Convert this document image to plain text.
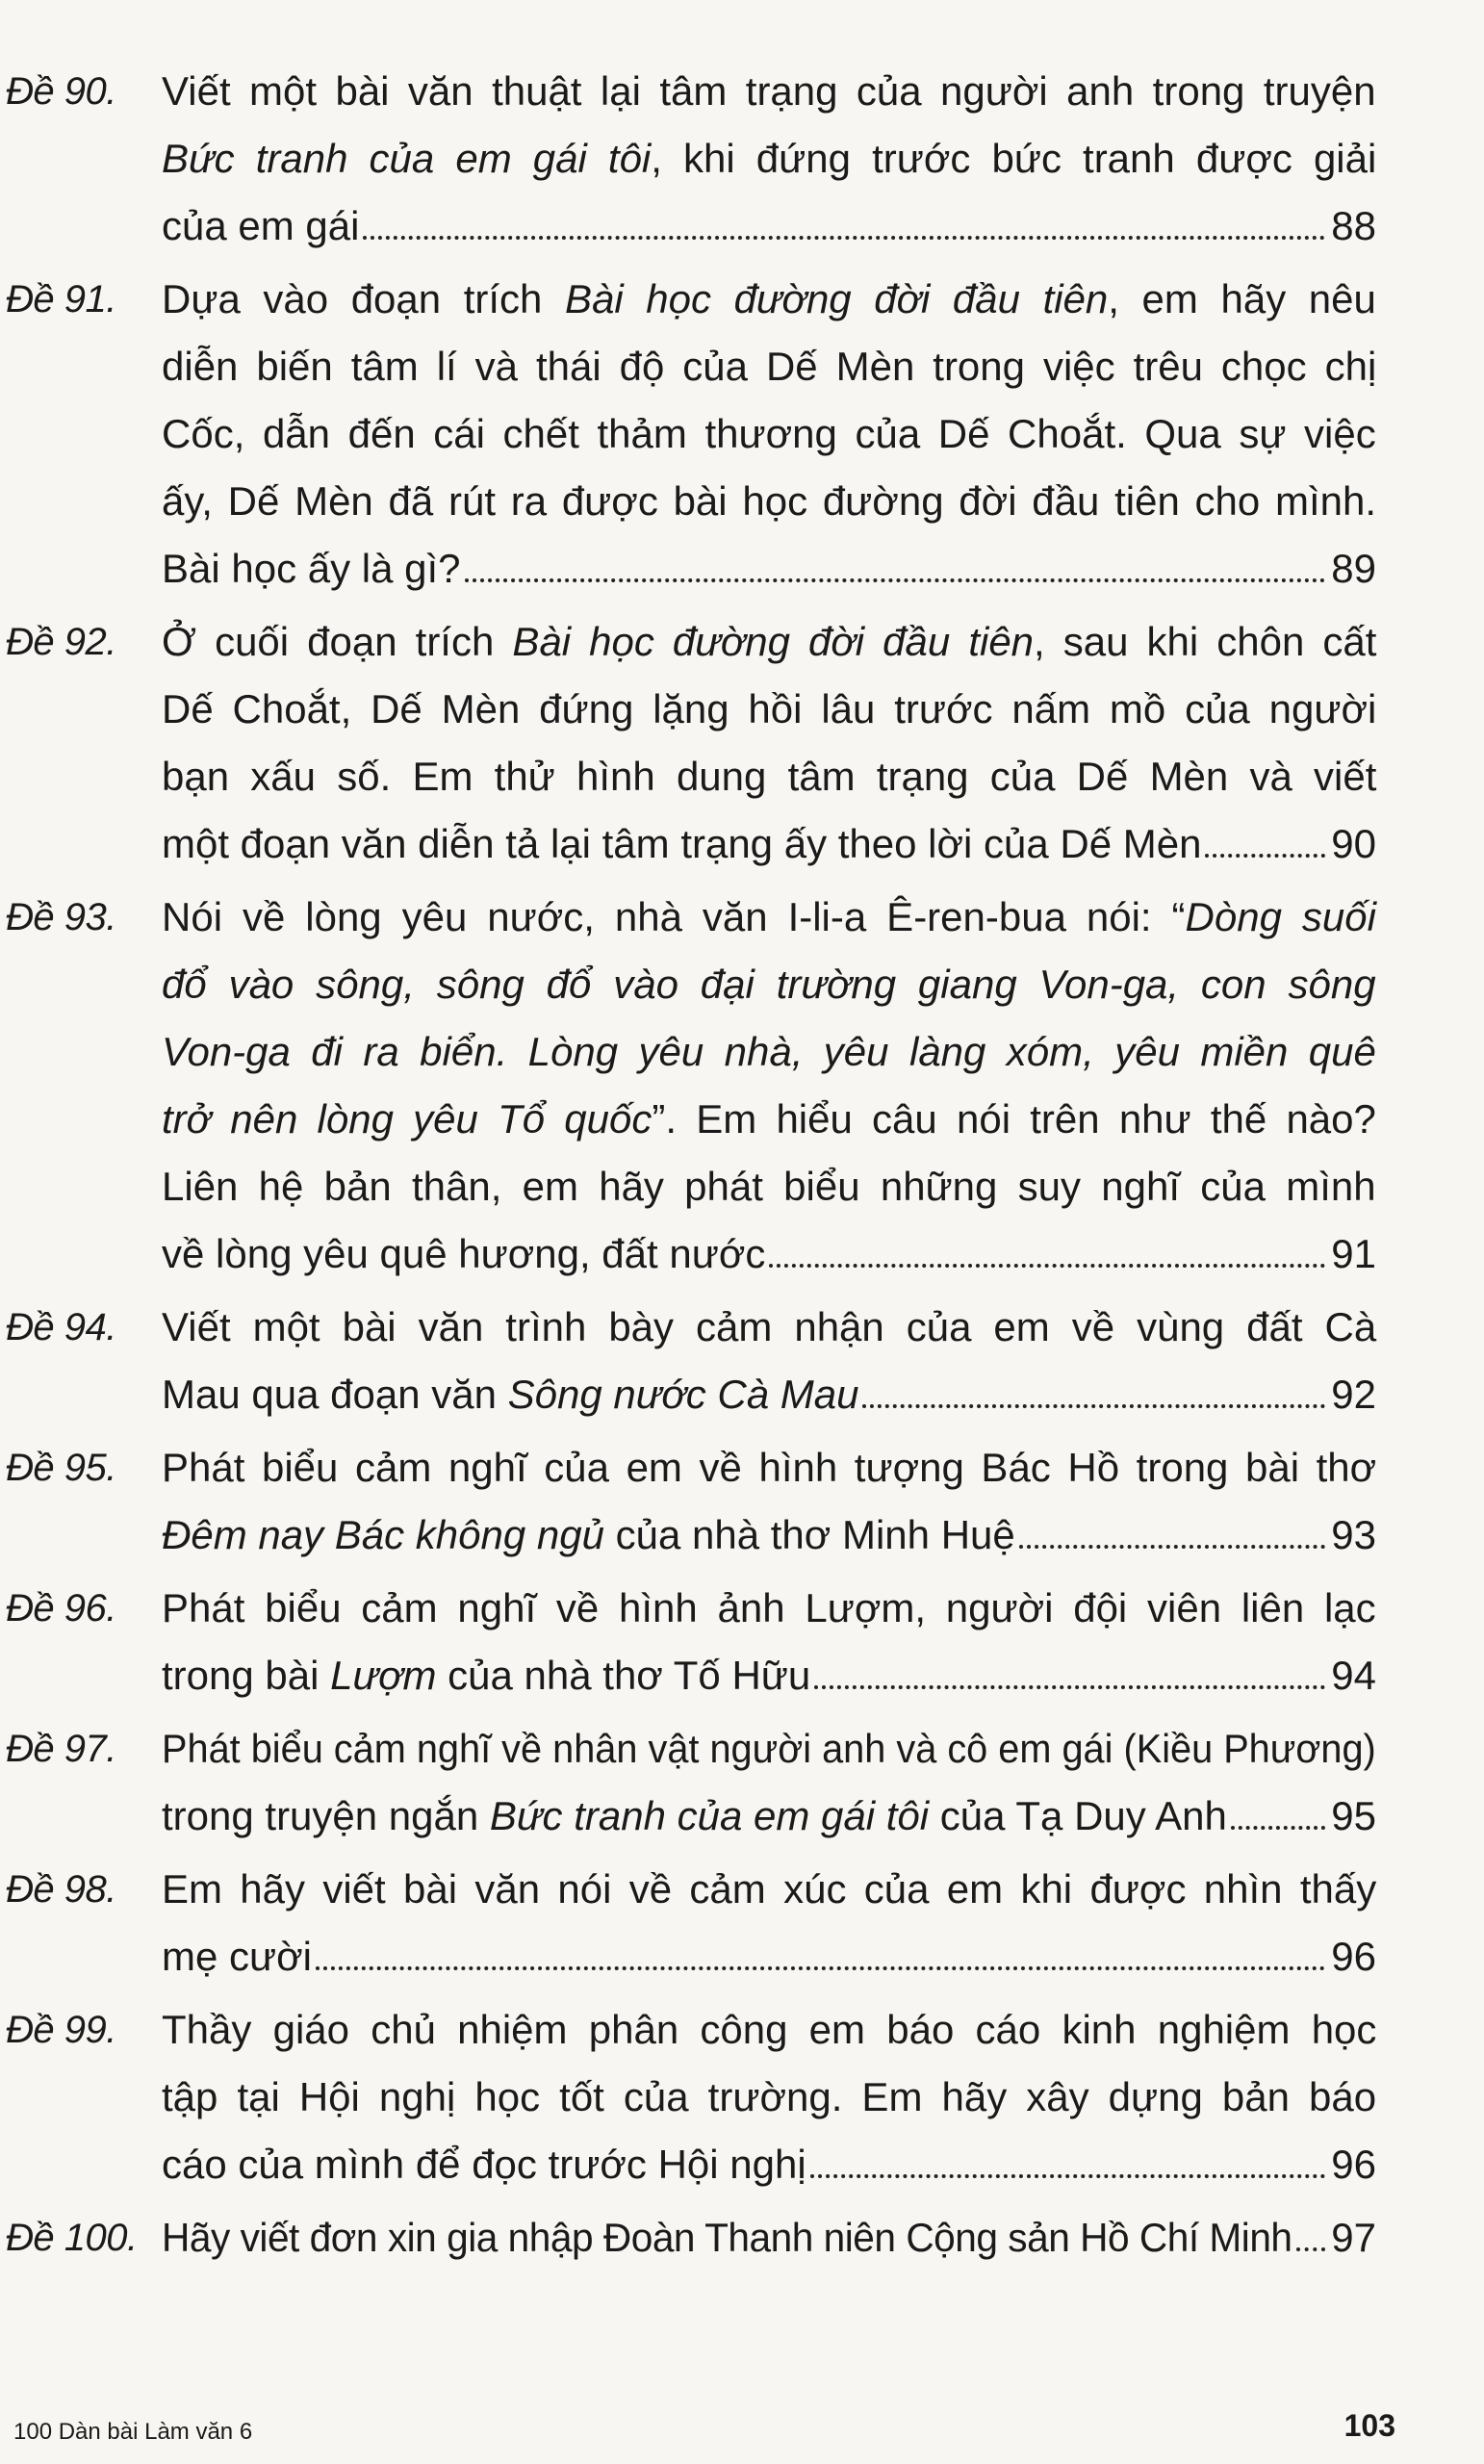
Đề 90. Viết một bài văn thuật lại tâm trạng của người anh trong truyện
Bức tranh của em gái tôi, khi đứng trước bức tranh được giải
của em gái	88
Đề 91. Dựa vào đoạn trích Bài học đường đời đầu tiên, em hãy nêu
diễn biến tâm lí và thái độ của Dế Mèn trong việc trêu chọc chị
Cốc, dẫn đến cái chết thảm thương của Dế Choắt. Qua sự việc
ấy, Dế Mèn đã rút ra được bài học đường đời đầu tiên cho mình.
Bài học ấy là gì?	89
Đề 92. Ở cuối đoạn trích Bài học đường đời đầu tiên, sau khi chôn cất
Dế Choắt, Dế Mèn đứng lặng hồi lâu trước nấm mồ của người
bạn xấu số. Em thử hình dung tâm trạng của Dế Mèn và viết
một đoạn văn diễn tả lại tâm trạng ấy theo lời của Dế Mèn	90
Đề 93. Nói về lòng yêu nước, nhà văn I-li-a Ê-ren-bua nói: “Dòng suối
đổ vào sông, sông đổ vào đại trường giang Von-ga, con sông
Von-ga đi ra biển. Lòng yêu nhà, yêu làng xóm, yêu miền quê
trở nên lòng yêu Tổ quốc”. Em hiểu câu nói trên như thế nào?
Liên hệ bản thân, em hãy phát biểu những suy nghĩ của mình
về lòng yêu quê hương, đất nước	91
Đề 94. Viết một bài văn trình bày cảm nhận của em về vùng đất Cà
Mau qua đoạn văn Sông nước Cà Mau	92
Đề 95. Phát biểu cảm nghĩ của em về hình tượng Bác Hồ trong bài thơ
Đêm nay Bác không ngủ của nhà thơ Minh Huệ	93
Đề 96. Phát biểu cảm nghĩ về hình ảnh Lượm, người đội viên liên lạc
trong bài Lượm của nhà thơ Tố Hữu	94
Đề 97. Phát biểu cảm nghĩ về nhân vật người anh và cô em gái (Kiều Phương)
trong truyện ngắn Bức tranh của em gái tôi của Tạ Duy Anh	95
Đề 98. Em hãy viết bài văn nói về cảm xúc của em khi được nhìn thấy
mẹ cười	96
Đề 99. Thầy giáo chủ nhiệm phân công em báo cáo kinh nghiệm học
tập tại Hội nghị học tốt của trường. Em hãy xây dựng bản báo
cáo của mình để đọc trước Hội nghị	96
Đề 100. Hãy viết đơn xin gia nhập Đoàn Thanh niên Cộng sản Hồ Chí Minh 97
100 Dàn bài Làm văn 6	103
